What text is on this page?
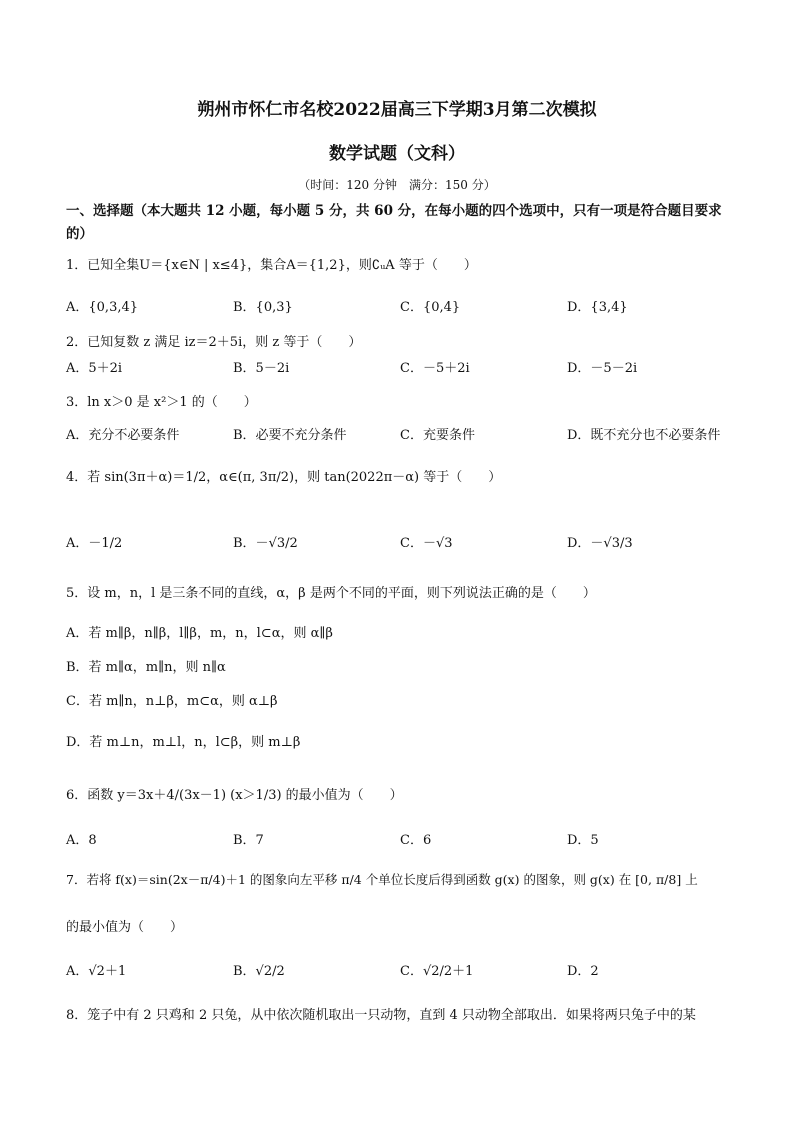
朔州市怀仁市名校2022届高三下学期3月第二次模拟
数学试题（文科）
（时间：120 分钟　满分：150 分）
一、选择题（本大题共 12 小题，每小题 5 分，共 60 分，在每小题的四个选项中，只有一项是符合题目要求
的）
1．已知全集U＝{x∈N | x≤4}，集合A＝{1,2}，则∁ᵤA 等于（　　）
A．{0,3,4}	B．{0,3}	C．{0,4}	D．{3,4}
2．已知复数 z 满足 iz＝2＋5i，则 z 等于（　　）
A．5＋2i	B．5－2i	C．－5＋2i	D．－5－2i
3．ln x＞0 是 x²＞1 的（　　）
A．充分不必要条件	B．必要不充分条件	C．充要条件	D．既不充分也不必要条件
4．若 sin(3π＋α)＝1/2，α∈(π, 3π/2)，则 tan(2022π－α) 等于（　　）
A．－1/2	B．－√3/2	C．－√3	D．－√3/3
5．设 m，n，l 是三条不同的直线，α，β 是两个不同的平面，则下列说法正确的是（　　）
A．若 m∥β，n∥β，l∥β，m，n，l⊂α，则 α∥β
B．若 m∥α，m∥n，则 n∥α
C．若 m∥n，n⊥β，m⊂α，则 α⊥β
D．若 m⊥n，m⊥l，n，l⊂β，则 m⊥β
6．函数 y＝3x＋4/(3x－1) (x＞1/3) 的最小值为（　　）
A．8	B．7	C．6	D．5
7．若将 f(x)＝sin(2x－π/4)＋1 的图象向左平移 π/4 个单位长度后得到函数 g(x) 的图象，则 g(x) 在 [0, π/8] 上
的最小值为（　　）
A．√2＋1	B．√2/2	C．√2/2＋1	D．2
8．笼子中有 2 只鸡和 2 只兔，从中依次随机取出一只动物，直到 4 只动物全部取出．如果将两只兔子中的某
